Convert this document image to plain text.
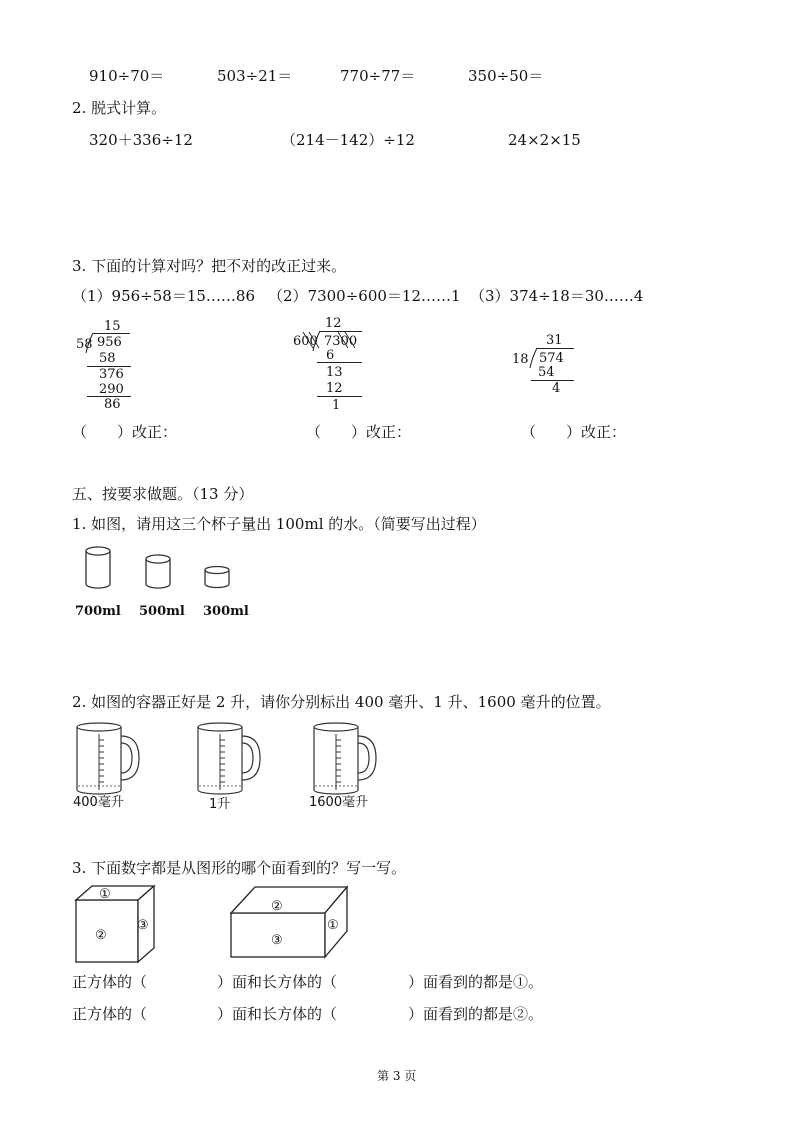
910÷70＝	503÷21＝	770÷77＝	350÷50＝
2. 脱式计算。
320＋336÷12	（214－142）÷12	24×2×15
3. 下面的计算对吗？把不对的改正过来。
（1）956÷58＝15……86 （2）7300÷600＝12……1 （3）374÷18＝30……4
15
58 956
58
376
290
86
12
600 7300
6
13
12
1
31
18 574
54
4
（　　）改正：	（　　）改正：	（　　）改正：
五、按要求做题。（13 分）
1. 如图，请用这三个杯子量出 100ml 的水。（简要写出过程）
700ml 500ml 300ml
2. 如图的容器正好是 2 升，请你分别标出 400 毫升、1 升、1600 毫升的位置。
400毫升	1升	1600毫升
3. 下面数字都是从图形的哪个面看到的？写一写。
①
②
③
②
③
①
正方体的（	）面和长方体的（	）面看到的都是①。
正方体的（	）面和长方体的（	）面看到的都是②。
第 3 页
